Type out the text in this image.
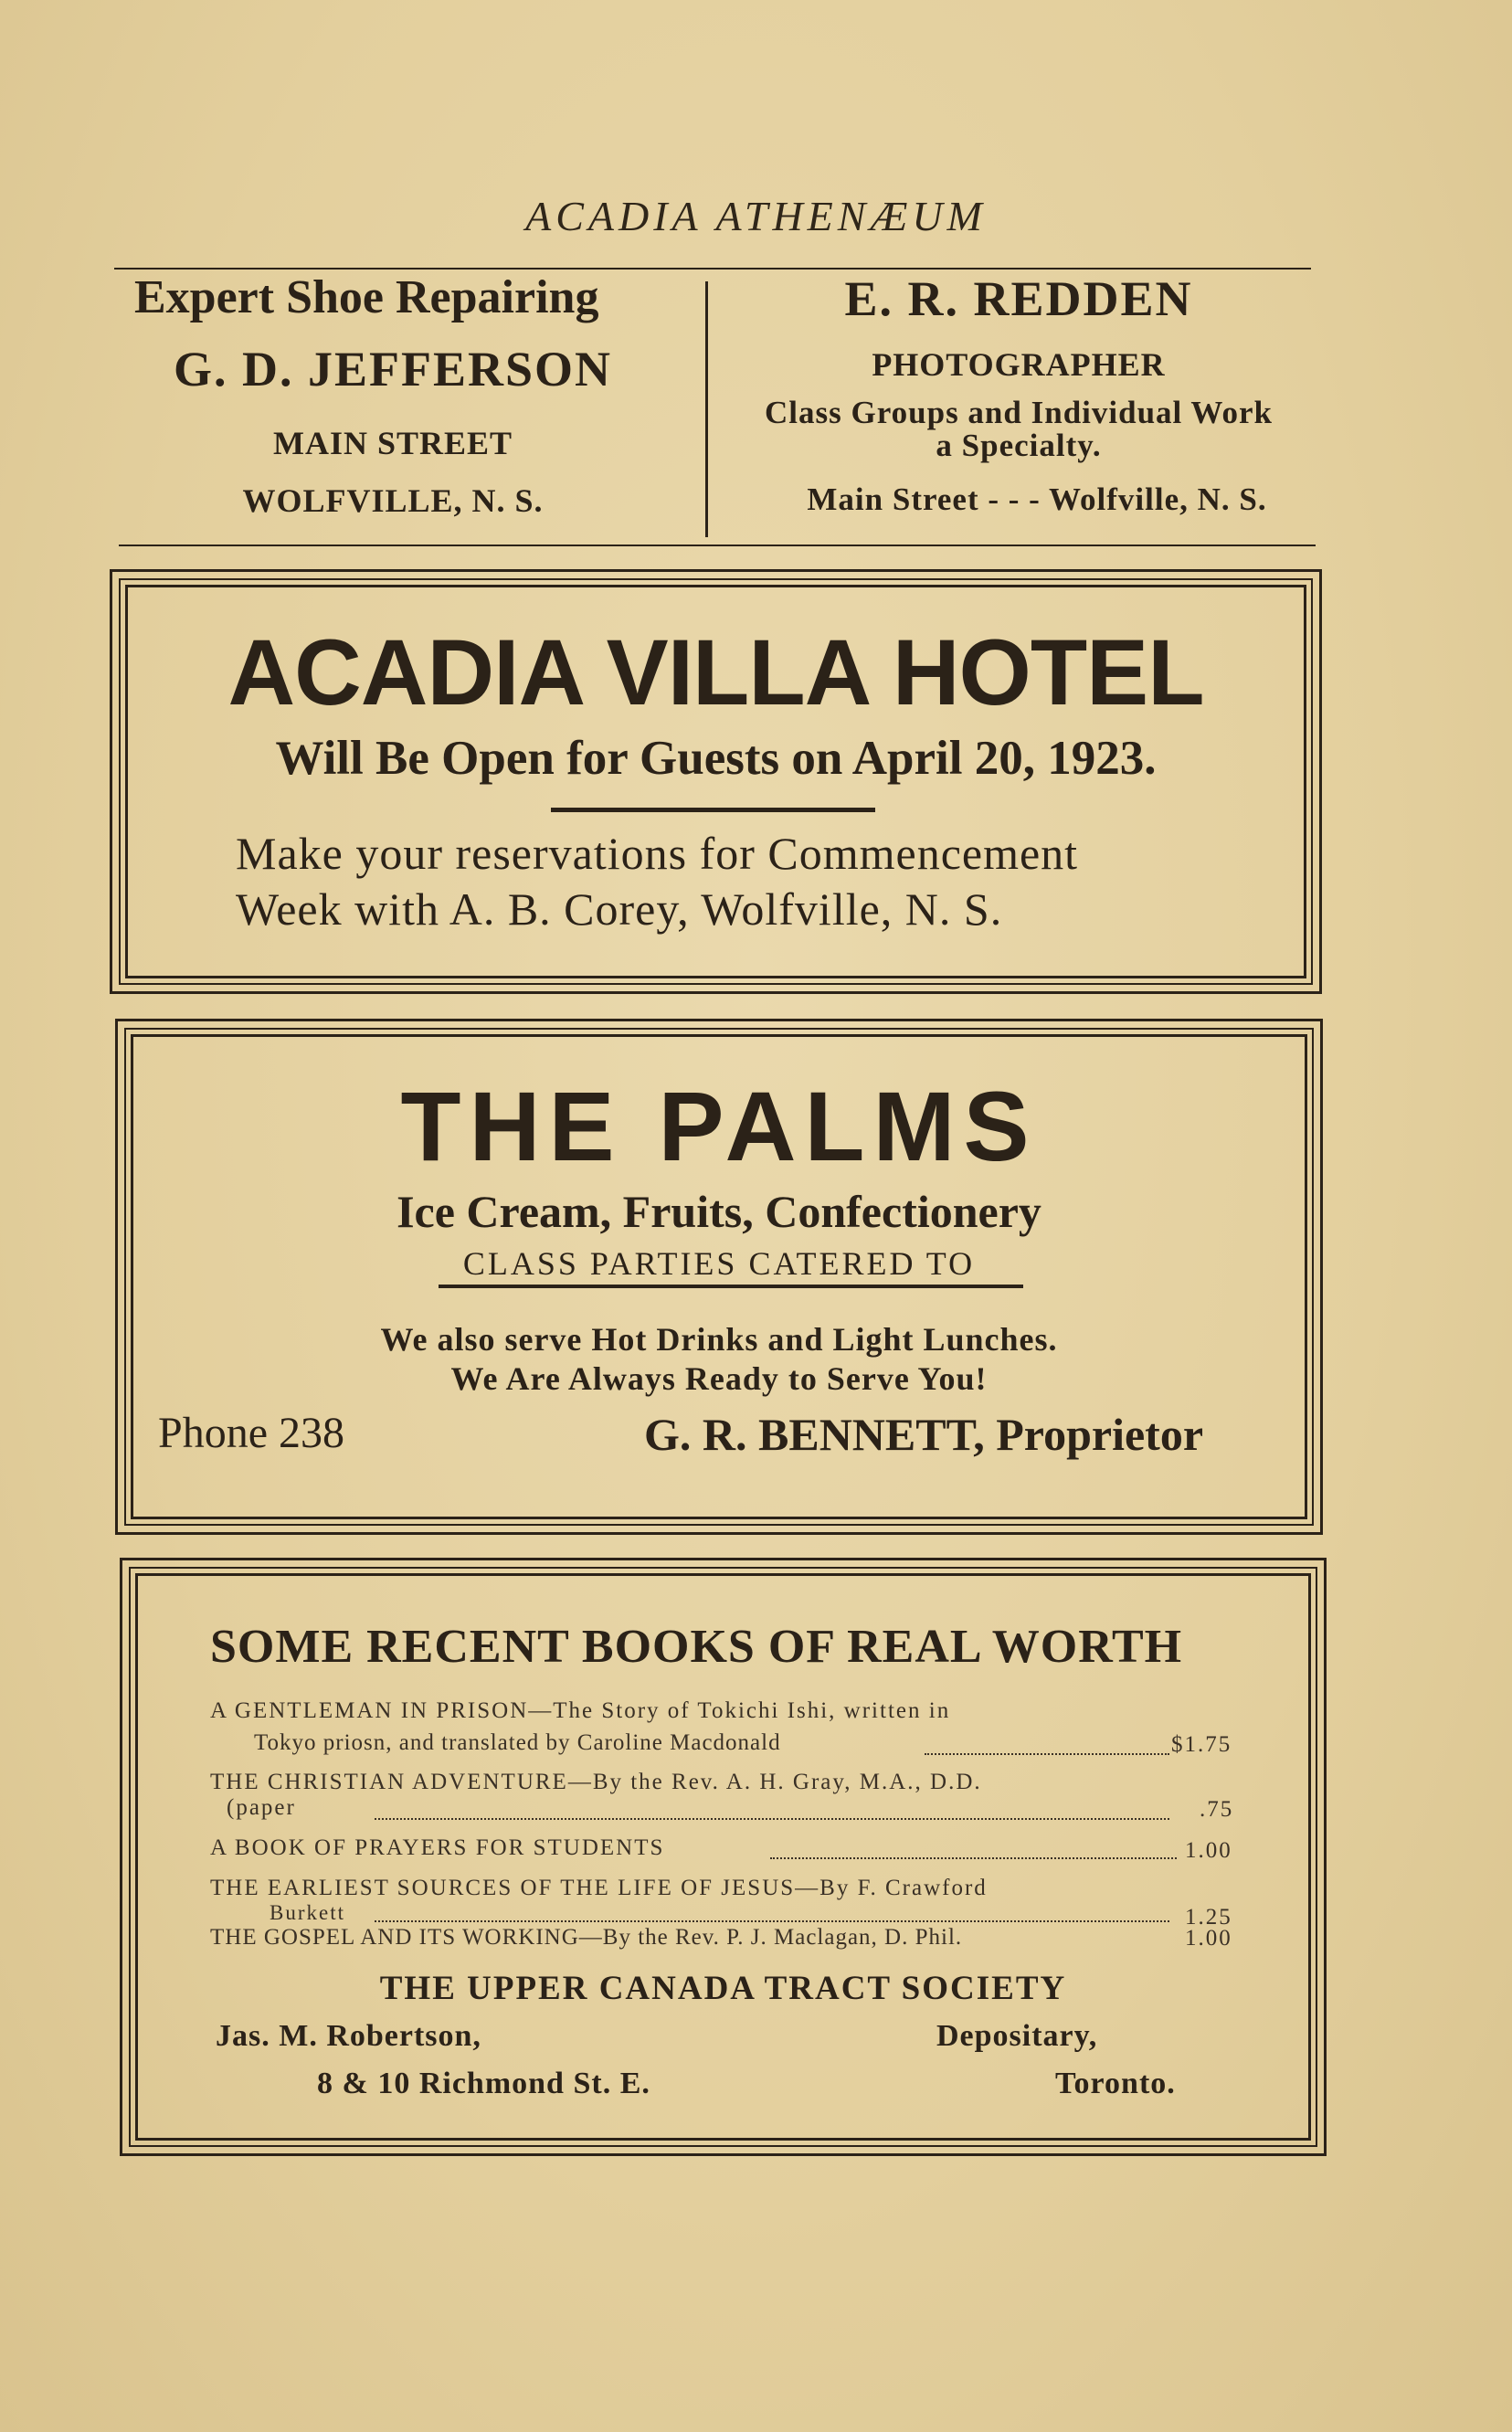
ACADIA ATHENÆUM
Expert Shoe Repairing
G. D. JEFFERSON
MAIN STREET
WOLFVILLE, N. S.
E. R. REDDEN
PHOTOGRAPHER
Class Groups and Individual Work
a Specialty.
Main Street - - - Wolfville, N. S.
ACADIA VILLA HOTEL
Will Be Open for Guests on April 20, 1923.
Make your reservations for Commencement
Week with A. B. Corey, Wolfville, N. S.
THE PALMS
Ice Cream, Fruits, Confectionery
CLASS PARTIES CATERED TO
We also serve Hot Drinks and Light Lunches.
We Are Always Ready to Serve You!
Phone 238	G. R. BENNETT, Proprietor
SOME RECENT BOOKS OF REAL WORTH
A GENTLEMAN IN PRISON—The Story of Tokichi Ishi, written in
Tokyo priosn, and translated by Caroline Macdonald	$1.75
THE CHRISTIAN ADVENTURE—By the Rev. A. H. Gray, M.A., D.D.
(paper	.75
A BOOK OF PRAYERS FOR STUDENTS	1.00
THE EARLIEST SOURCES OF THE LIFE OF JESUS—By F. Crawford
Burkett	1.25
THE GOSPEL AND ITS WORKING—By the Rev. P. J. Maclagan, D. Phil.	1.00
THE UPPER CANADA TRACT SOCIETY
Jas. M. Robertson,	Depositary,
8 & 10 Richmond St. E.	Toronto.
